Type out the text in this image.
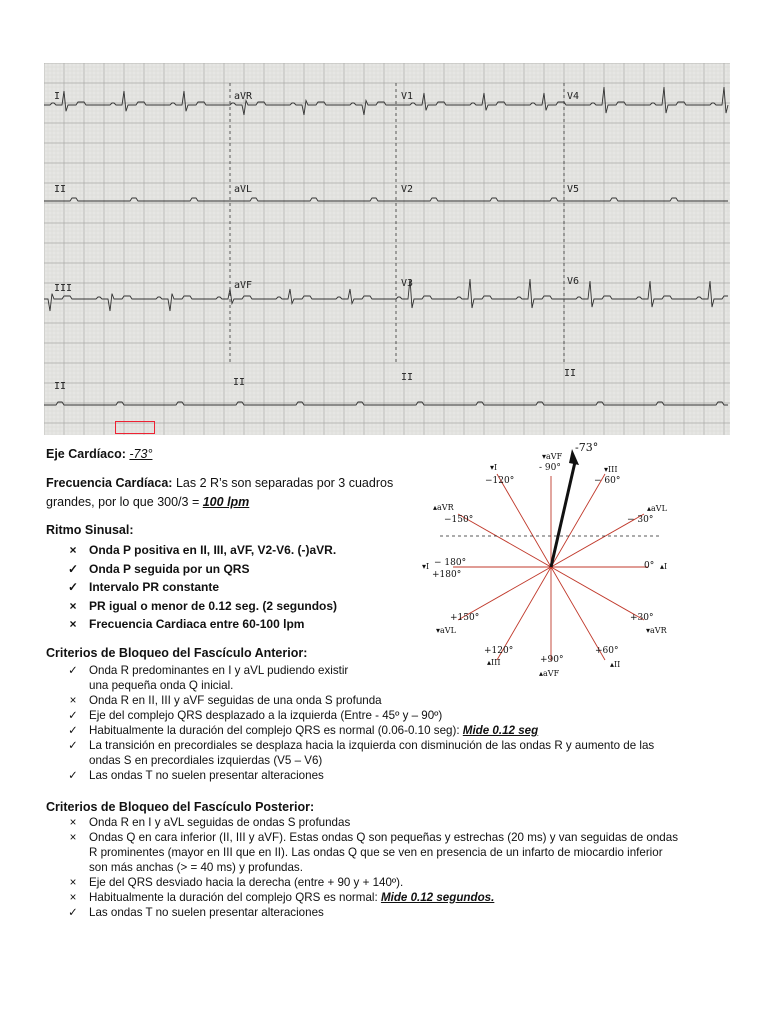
I	aVR	V1	V4
II	aVL	V2	V5
III	aVF	V3	V6
II	II	II	II
Eje Cardíaco: -73°
Frecuencia Cardíaca: Las 2 R’s son separadas por 3 cuadros
grandes, por lo que 300/3 = 100 lpm
Ritmo Sinusal:
× Onda P positiva en II, III, aVF, V2-V6. (-)aVR.
✓ Onda P seguida por un QRS
✓ Intervalo PR constante
× PR igual o menor de 0.12 seg. (2 segundos)
× Frecuencia Cardiaca entre 60-100 lpm
Criterios de Bloqueo del Fascículo Anterior:
✓ Onda R predominantes en I y aVL pudiendo existir
una pequeña onda Q inicial.
×	Onda R en II, III y aVF seguidas de una onda S profunda
✓ Eje del complejo QRS desplazado a la izquierda (Entre - 45º y – 90º)
✓ Habitualmente la duración del complejo QRS es normal (0.06-0.10 seg): Mide 0.12 seg
✓ La transición en precordiales se desplaza hacia la izquierda con disminución de las ondas R y aumento de las
ondas S en precordiales izquierdas (V5 – V6)
✓ Las ondas T no suelen presentar alteraciones
Criterios de Bloqueo del Fascículo Posterior:
×	Onda R en I y aVL seguidas de ondas S profundas
×	Ondas Q en cara inferior (II, III y aVF). Estas ondas Q son pequeñas y estrechas (20 ms) y van seguidas de ondas
R prominentes (mayor en III que en II). Las ondas Q que se ven en presencia de un infarto de miocardio inferior
son más anchas (> = 40 ms) y profundas.
×	Eje del QRS desviado hacia la derecha (entre + 90 y + 140º).
×	Habitualmente la duración del complejo QRS es normal: Mide 0.12 segundos.
✓ Las ondas T no suelen presentar alteraciones
-73°
▾aVF
- 90°
▾I
−120°
▾III
− 60°
▴aVR
−150°
▴aVL
− 30°
▾I − 180°
+180°
0° ▴I
+150°
▾aVL
+30°
▾aVR
+120°
▴III	+90°
▴aVF
+60°
▴II
